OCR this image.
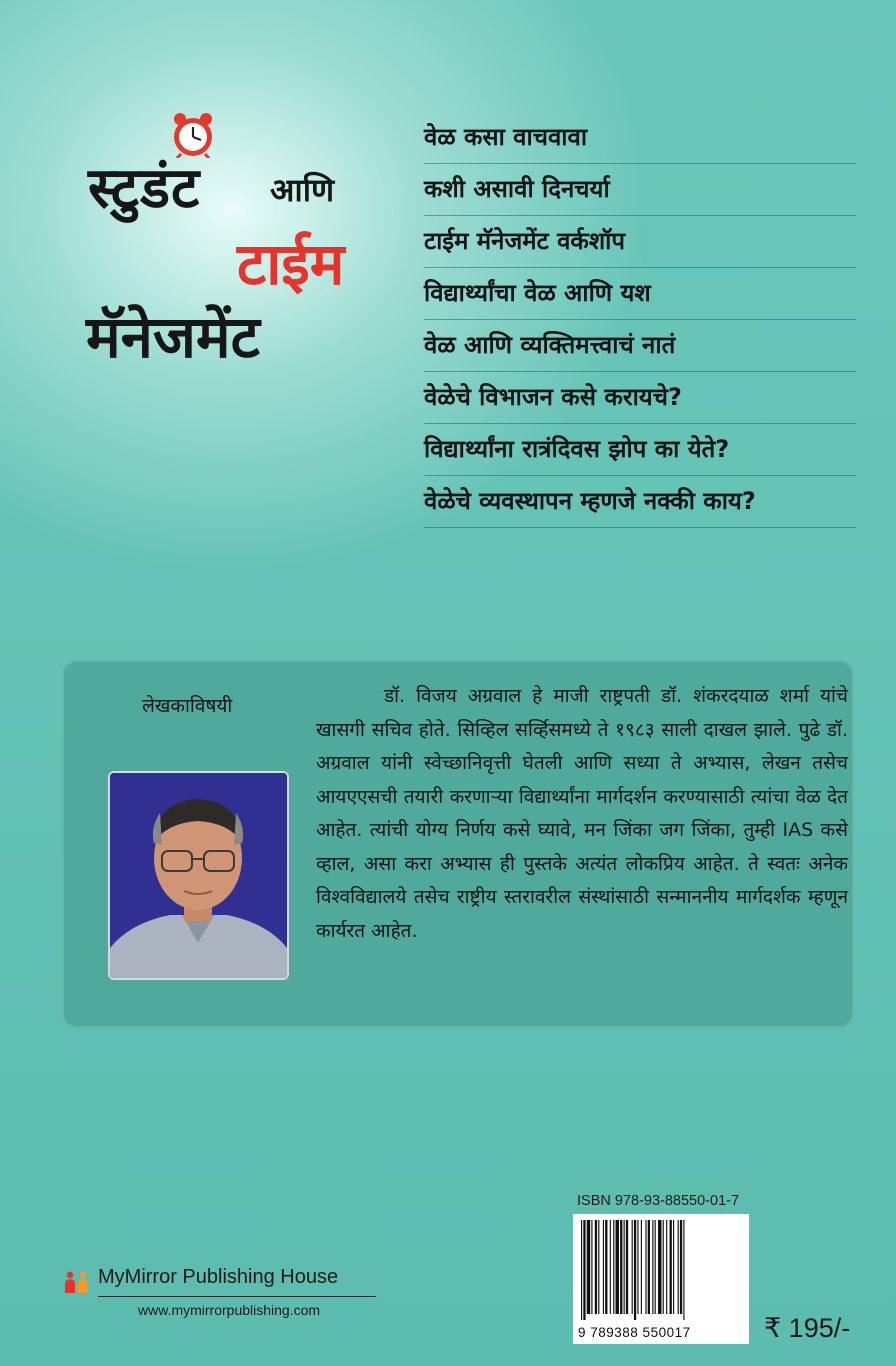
स्टुडंट आणि
टाईम
मॅनेजमेंट
वेळ कसा वाचवावा
कशी असावी दिनचर्या
टाईम मॅनेजमेंट वर्कशॉप
विद्यार्थ्यांचा वेळ आणि यश
वेळ आणि व्यक्तिमत्त्वाचं नातं
वेळेचे विभाजन कसे करायचे?
विद्यार्थ्यांना रात्रंदिवस झोप का येते?
वेळेचे व्यवस्थापन म्हणजे नक्की काय?
लेखकाविषयी	डॉ. विजय अग्रवाल हे माजी राष्ट्रपती डॉ. शंकरदयाळ शर्मा यांचे खासगी सचिव होते. सिव्हिल सर्व्हिसमध्ये ते १९८३ साली दाखल झाले. पुढे डॉ. अग्रवाल यांनी स्वेच्छानिवृत्ती घेतली आणि सध्या ते अभ्यास, लेखन तसेच आयएएसची तयारी करणाऱ्या विद्यार्थ्यांना मार्गदर्शन करण्यासाठी त्यांचा वेळ देत आहेत. त्यांची योग्य निर्णय कसे घ्यावे, मन जिंका जग जिंका, तुम्ही IAS कसे व्हाल, असा करा अभ्यास ही पुस्तके अत्यंत लोकप्रिय आहेत. ते स्वतः अनेक विश्वविद्यालये तसेच राष्ट्रीय स्तरावरील संस्थांसाठी सन्माननीय मार्गदर्शक म्हणून कार्यरत आहेत.

ISBN 978-93-88550-01-7
9 789388 550017	₹ 195/-
MyMirror Publishing House
www.mymirrorpublishing.com
